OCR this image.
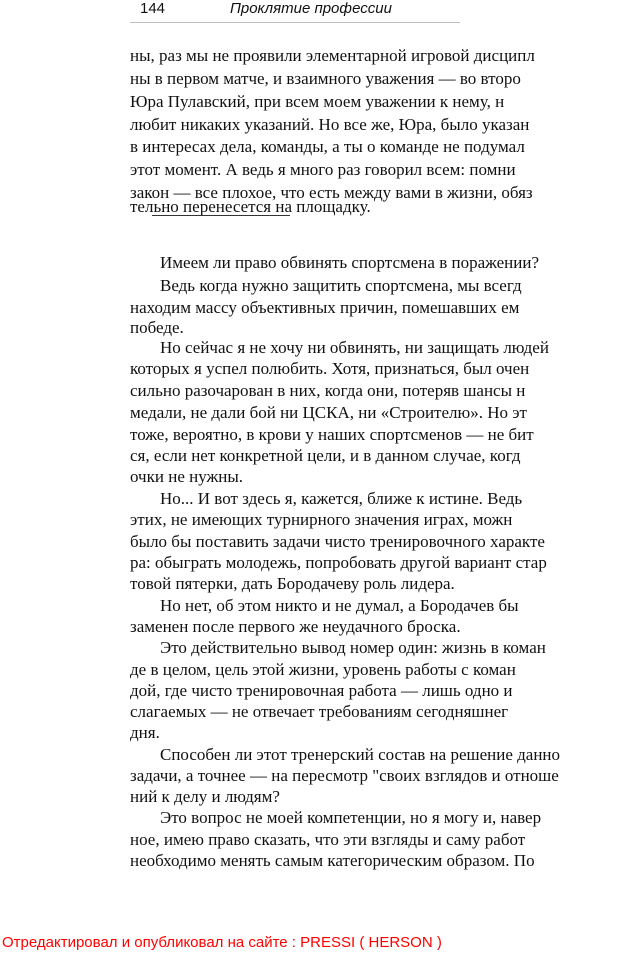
144	Проклятие профессии
ны, раз мы не проявили элементарной игровой дисципл
ны в первом матче, и взаимного уважения — во второ
Юра Пулавский, при всем моем уважении к нему, н
любит никаких указаний. Но все же, Юра, было указан
в интересах дела, команды, а ты о команде не подумал
этот момент. А ведь я много раз говорил всем: помни
закон — все плохое, что есть между вами в жизни, обяз
тельно перенесется на площадку.
Имеем ли право обвинять спортсмена в поражении?
Ведь когда нужно защитить спортсмена, мы всегд
находим массу объективных причин, помешавших ем
победе.
Но сейчас я не хочу ни обвинять, ни защищать людей
которых я успел полюбить. Хотя, признаться, был очен
сильно разочарован в них, когда они, потеряв шансы н
медали, не дали бой ни ЦСКА, ни «Строителю». Но эт
тоже, вероятно, в крови у наших спортсменов — не бит
ся, если нет конкретной цели, и в данном случае, когд
очки не нужны.
Но... И вот здесь я, кажется, ближе к истине. Ведь
этих, не имеющих турнирного значения играх, можн
было бы поставить задачи чисто тренировочного характе
ра: обыграть молодежь, попробовать другой вариант стар
товой пятерки, дать Бородачеву роль лидера.
Но нет, об этом никто и не думал, а Бородачев бы
заменен после первого же неудачного броска.
Это действительно вывод номер один: жизнь в коман
де в целом, цель этой жизни, уровень работы с коман
дой, где чисто тренировочная работа — лишь одно и
слагаемых — не отвечает требованиям сегодняшнег
дня.
Способен ли этот тренерский состав на решение данно
задачи, а точнее — на пересмотр "своих взглядов и отноше
ний к делу и людям?
Это вопрос не моей компетенции, но я могу и, навер
ное, имею право сказать, что эти взгляды и саму работ
необходимо менять самым категорическим образом. По
Отредактировал и опубликовал на сайте : PRESSI ( HERSON )
